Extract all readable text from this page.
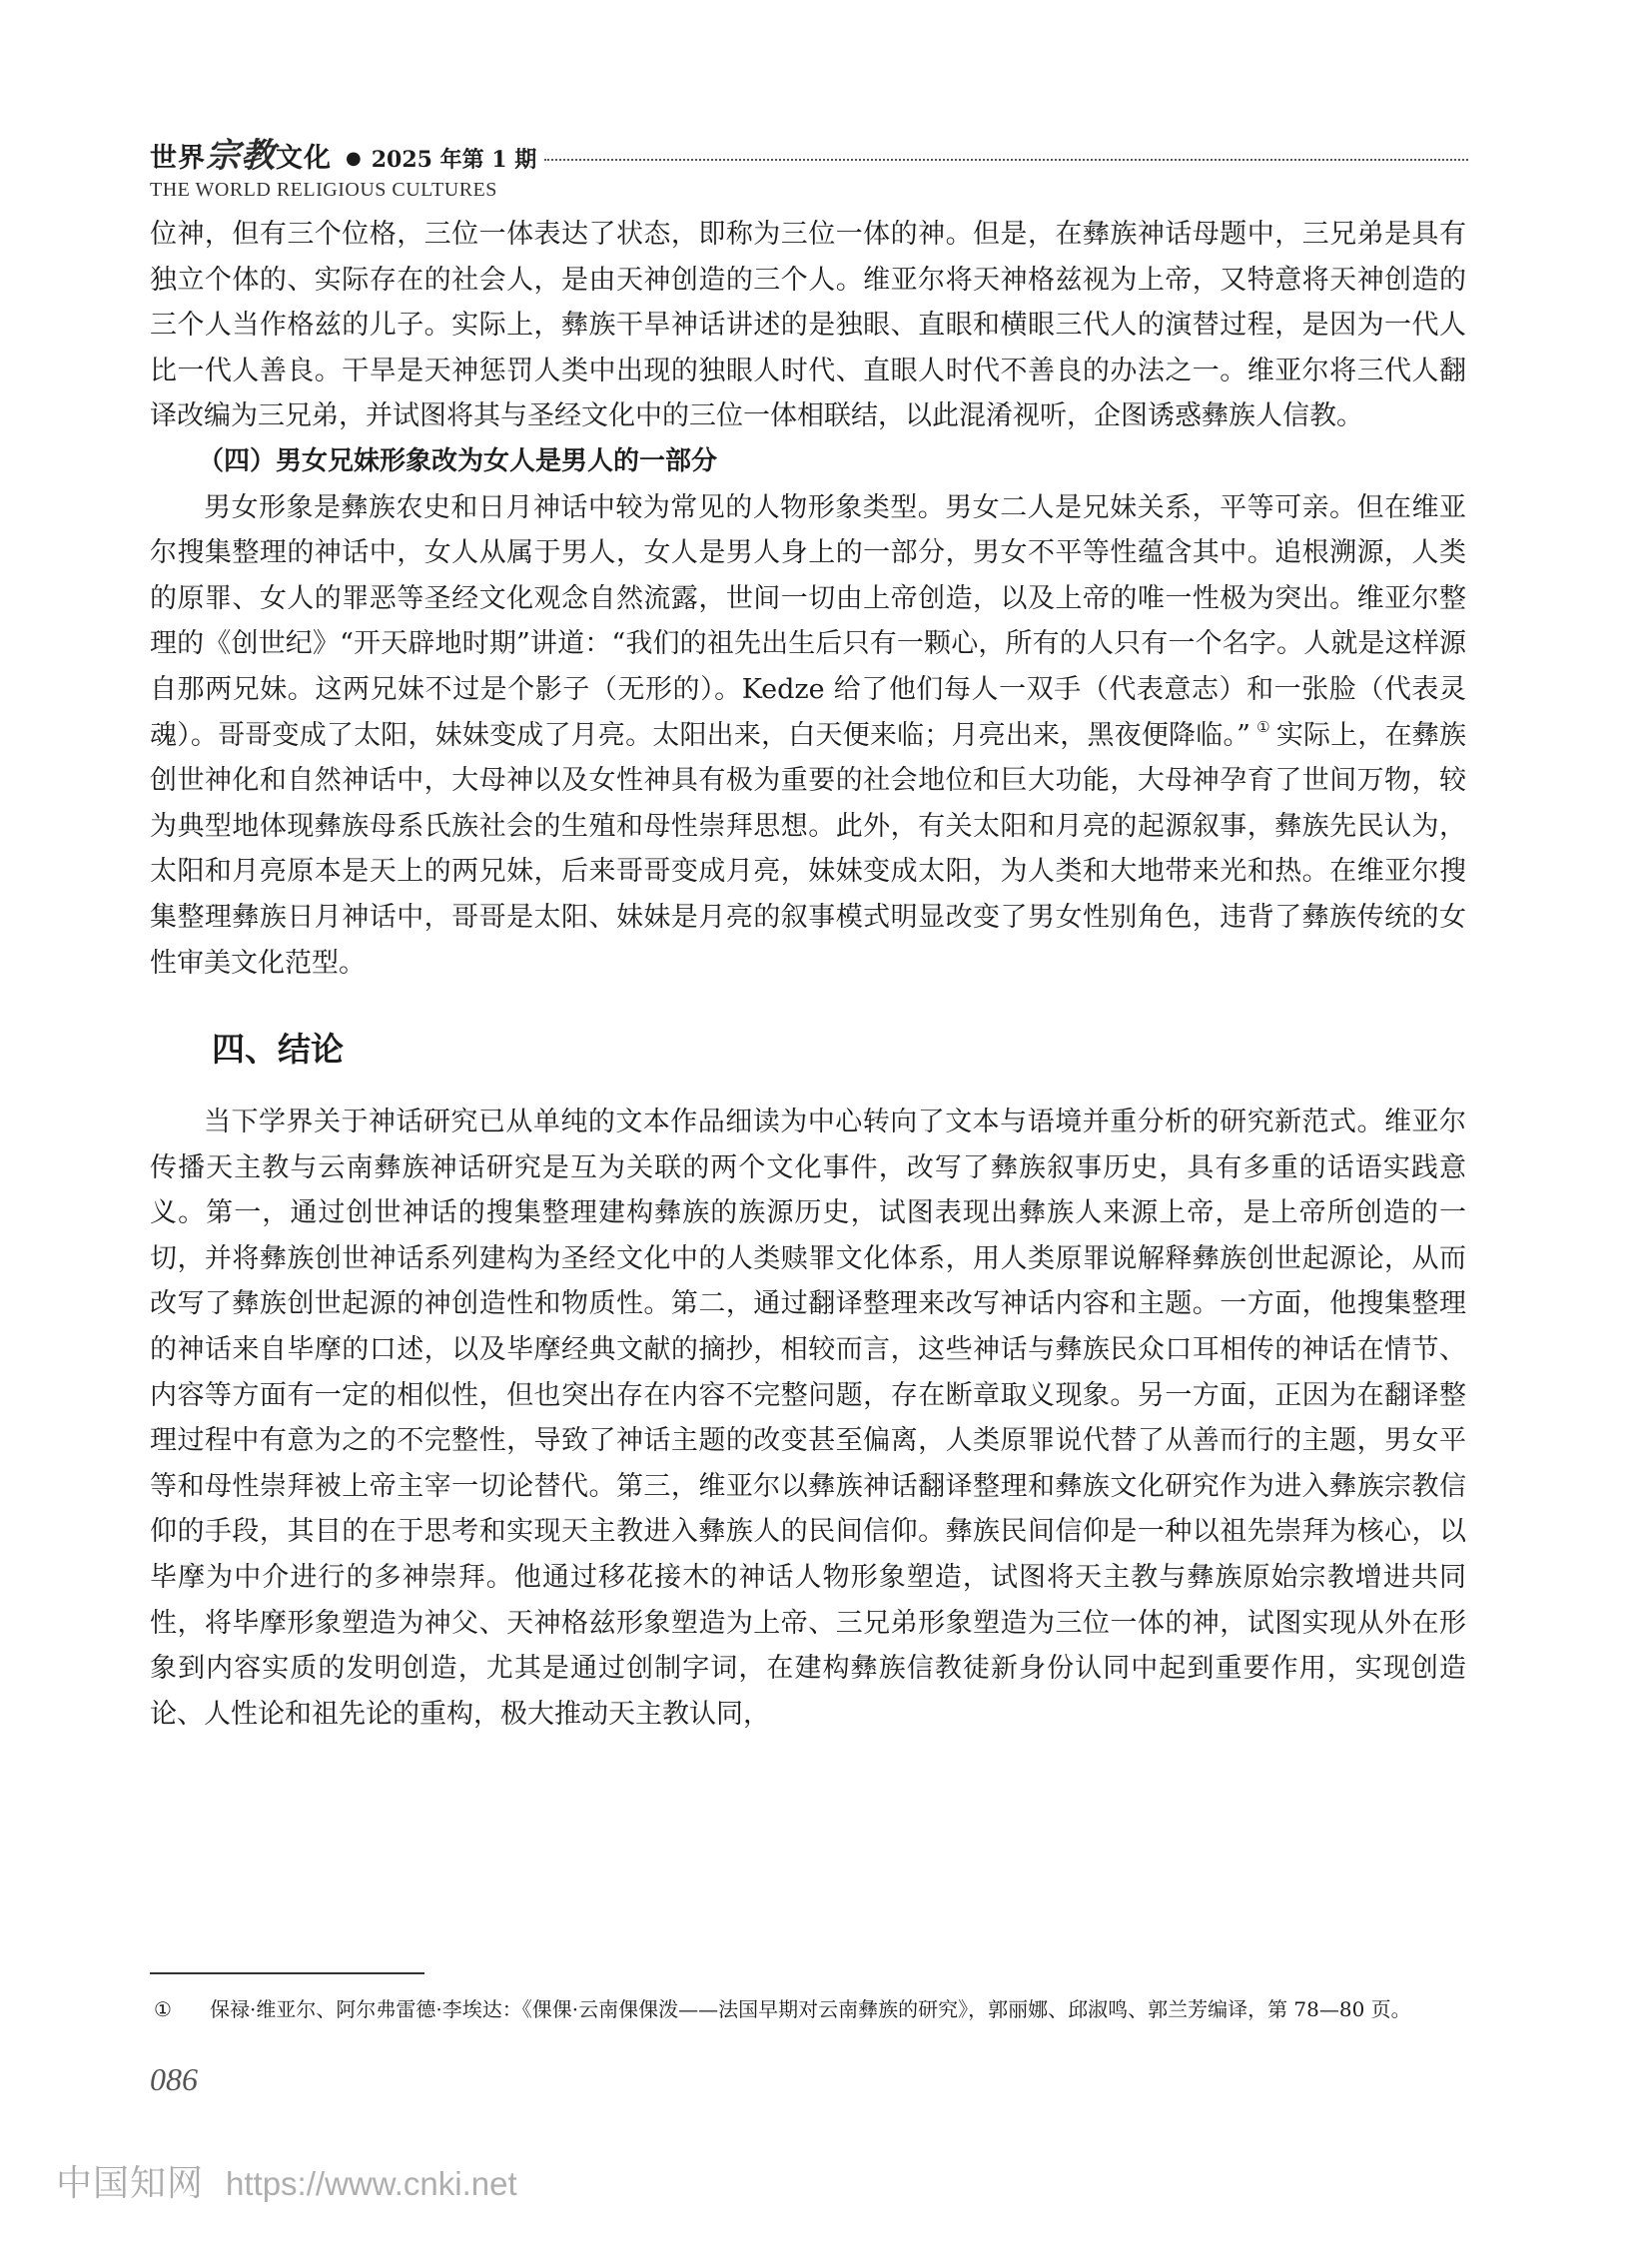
世界宗教文化 ● 2025 年第 1 期
THE WORLD RELIGIOUS CULTURES

位神，但有三个位格，三位一体表达了状态，即称为三位一体的神。但是，在彝族神话母题中，三兄弟是具有独立个体的、实际存在的社会人，是由天神创造的三个人。维亚尔将天神格兹视为上帝，又特意将天神创造的三个人当作格兹的儿子。实际上，彝族干旱神话讲述的是独眼、直眼和横眼三代人的演替过程，是因为一代人比一代人善良。干旱是天神惩罚人类中出现的独眼人时代、直眼人时代不善良的办法之一。维亚尔将三代人翻译改编为三兄弟，并试图将其与圣经文化中的三位一体相联结，以此混淆视听，企图诱惑彝族人信教。

（四）男女兄妹形象改为女人是男人的一部分

男女形象是彝族农史和日月神话中较为常见的人物形象类型。男女二人是兄妹关系，平等可亲。但在维亚尔搜集整理的神话中，女人从属于男人，女人是男人身上的一部分，男女不平等性蕴含其中。追根溯源，人类的原罪、女人的罪恶等圣经文化观念自然流露，世间一切由上帝创造，以及上帝的唯一性极为突出。维亚尔整理的《创世纪》“开天辟地时期”讲道：“我们的祖先出生后只有一颗心，所有的人只有一个名字。人就是这样源自那两兄妹。这两兄妹不过是个影子（无形的）。Kedze 给了他们每人一双手（代表意志）和一张脸（代表灵魂）。哥哥变成了太阳，妹妹变成了月亮。太阳出来，白天便来临；月亮出来，黑夜便降临。” ① 实际上，在彝族创世神化和自然神话中，大母神以及女性神具有极为重要的社会地位和巨大功能，大母神孕育了世间万物，较为典型地体现彝族母系氏族社会的生殖和母性崇拜思想。此外，有关太阳和月亮的起源叙事，彝族先民认为，太阳和月亮原本是天上的两兄妹，后来哥哥变成月亮，妹妹变成太阳，为人类和大地带来光和热。在维亚尔搜集整理彝族日月神话中，哥哥是太阳、妹妹是月亮的叙事模式明显改变了男女性别角色，违背了彝族传统的女性审美文化范型。

四、结论

当下学界关于神话研究已从单纯的文本作品细读为中心转向了文本与语境并重分析的研究新范式。维亚尔传播天主教与云南彝族神话研究是互为关联的两个文化事件，改写了彝族叙事历史，具有多重的话语实践意义。第一，通过创世神话的搜集整理建构彝族的族源历史，试图表现出彝族人来源上帝，是上帝所创造的一切，并将彝族创世神话系列建构为圣经文化中的人类赎罪文化体系，用人类原罪说解释彝族创世起源论，从而改写了彝族创世起源的神创造性和物质性。第二，通过翻译整理来改写神话内容和主题。一方面，他搜集整理的神话来自毕摩的口述，以及毕摩经典文献的摘抄，相较而言，这些神话与彝族民众口耳相传的神话在情节、内容等方面有一定的相似性，但也突出存在内容不完整问题，存在断章取义现象。另一方面，正因为在翻译整理过程中有意为之的不完整性，导致了神话主题的改变甚至偏离，人类原罪说代替了从善而行的主题，男女平等和母性崇拜被上帝主宰一切论替代。第三，维亚尔以彝族神话翻译整理和彝族文化研究作为进入彝族宗教信仰的手段，其目的在于思考和实现天主教进入彝族人的民间信仰。彝族民间信仰是一种以祖先崇拜为核心，以毕摩为中介进行的多神崇拜。他通过移花接木的神话人物形象塑造，试图将天主教与彝族原始宗教增进共同性，将毕摩形象塑造为神父、天神格兹形象塑造为上帝、三兄弟形象塑造为三位一体的神，试图实现从外在形象到内容实质的发明创造，尤其是通过创制字词，在建构彝族信教徒新身份认同中起到重要作用，实现创造论、人性论和祖先论的重构，极大推动天主教认同，

①	保禄·维亚尔、阿尔弗雷德·李埃达：《倮倮·云南倮倮泼——法国早期对云南彝族的研究》，郭丽娜、邱淑鸣、郭兰芳编译，第 78—80 页。
086
中国知网 https://www.cnki.net
